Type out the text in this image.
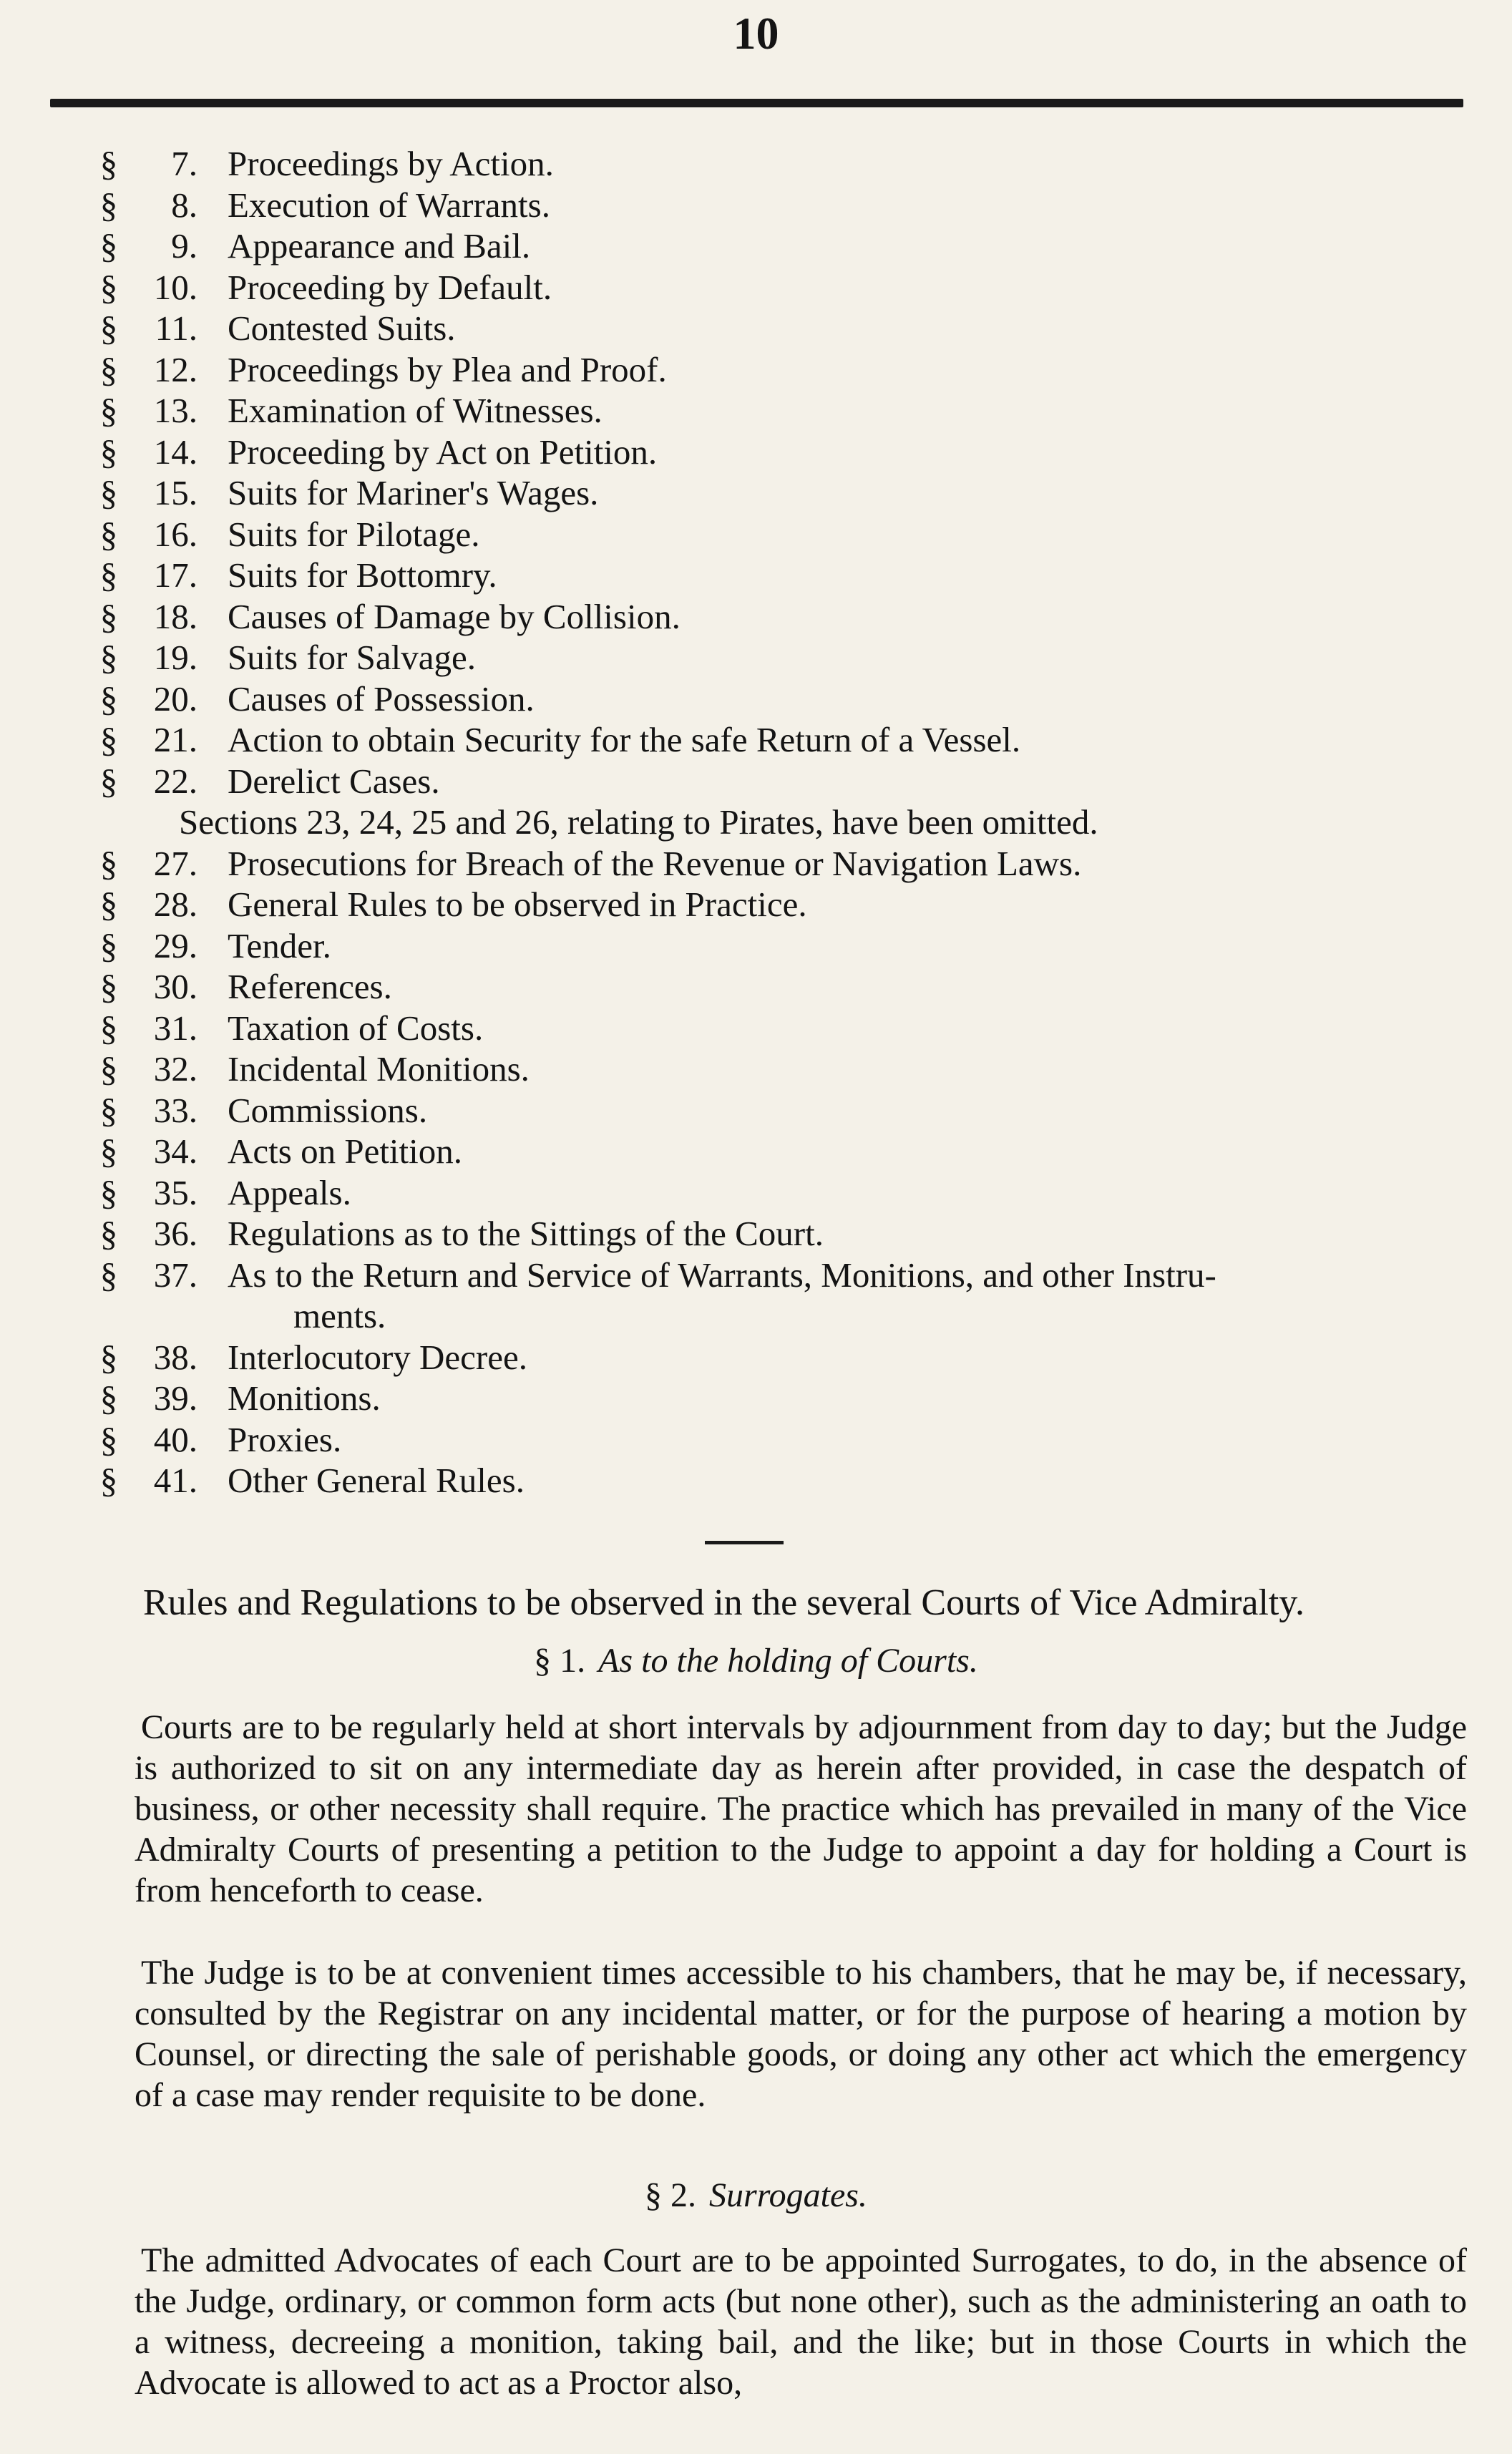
10
§	7. Proceedings by Action.
§	8. Execution of Warrants.
§	9. Appearance and Bail.
§	10. Proceeding by Default.
§	11. Contested Suits.
§	12. Proceedings by Plea and Proof.
§	13. Examination of Witnesses.
§	14. Proceeding by Act on Petition.
§	15. Suits for Mariner's Wages.
§	16. Suits for Pilotage.
§	17. Suits for Bottomry.
§	18. Causes of Damage by Collision.
§	19. Suits for Salvage.
§	20. Causes of Possession.
§	21. Action to obtain Security for the safe Return of a Vessel.
§	22. Derelict Cases.
Sections 23, 24, 25 and 26, relating to Pirates, have been omitted.
§	27. Prosecutions for Breach of the Revenue or Navigation Laws.
§	28. General Rules to be observed in Practice.
§	29. Tender.
§	30. References.
§	31. Taxation of Costs.
§	32. Incidental Monitions.
§	33. Commissions.
§	34. Acts on Petition.
§	35. Appeals.
§	36. Regulations as to the Sittings of the Court.
§	37. As to the Return and Service of Warrants, Monitions, and other Instru-
ments.
§	38. Interlocutory Decree.
§	39. Monitions.
§	40. Proxies.
§	41. Other General Rules.
Rules and Regulations to be observed in the several Courts of Vice Admiralty.
§ 1. As to the holding of Courts.
Courts are to be regularly held at short intervals by adjournment from day to day; but the Judge is authorized to sit on any intermediate day as herein after provided, in case the despatch of business, or other necessity shall require. The practice which has prevailed in many of the Vice Admiralty Courts of presenting a petition to the Judge to appoint a day for holding a Court is from henceforth to cease.
The Judge is to be at convenient times accessible to his chambers, that he may be, if necessary, consulted by the Registrar on any incidental matter, or for the purpose of hearing a motion by Counsel, or directing the sale of perishable goods, or doing any other act which the emergency of a case may render requisite to be done.
§ 2. Surrogates.
The admitted Advocates of each Court are to be appointed Surrogates, to do, in the absence of the Judge, ordinary, or common form acts (but none other), such as the administering an oath to a witness, decreeing a monition, taking bail, and the like; but in those Courts in which the Advocate is allowed to act as a Proctor also,
